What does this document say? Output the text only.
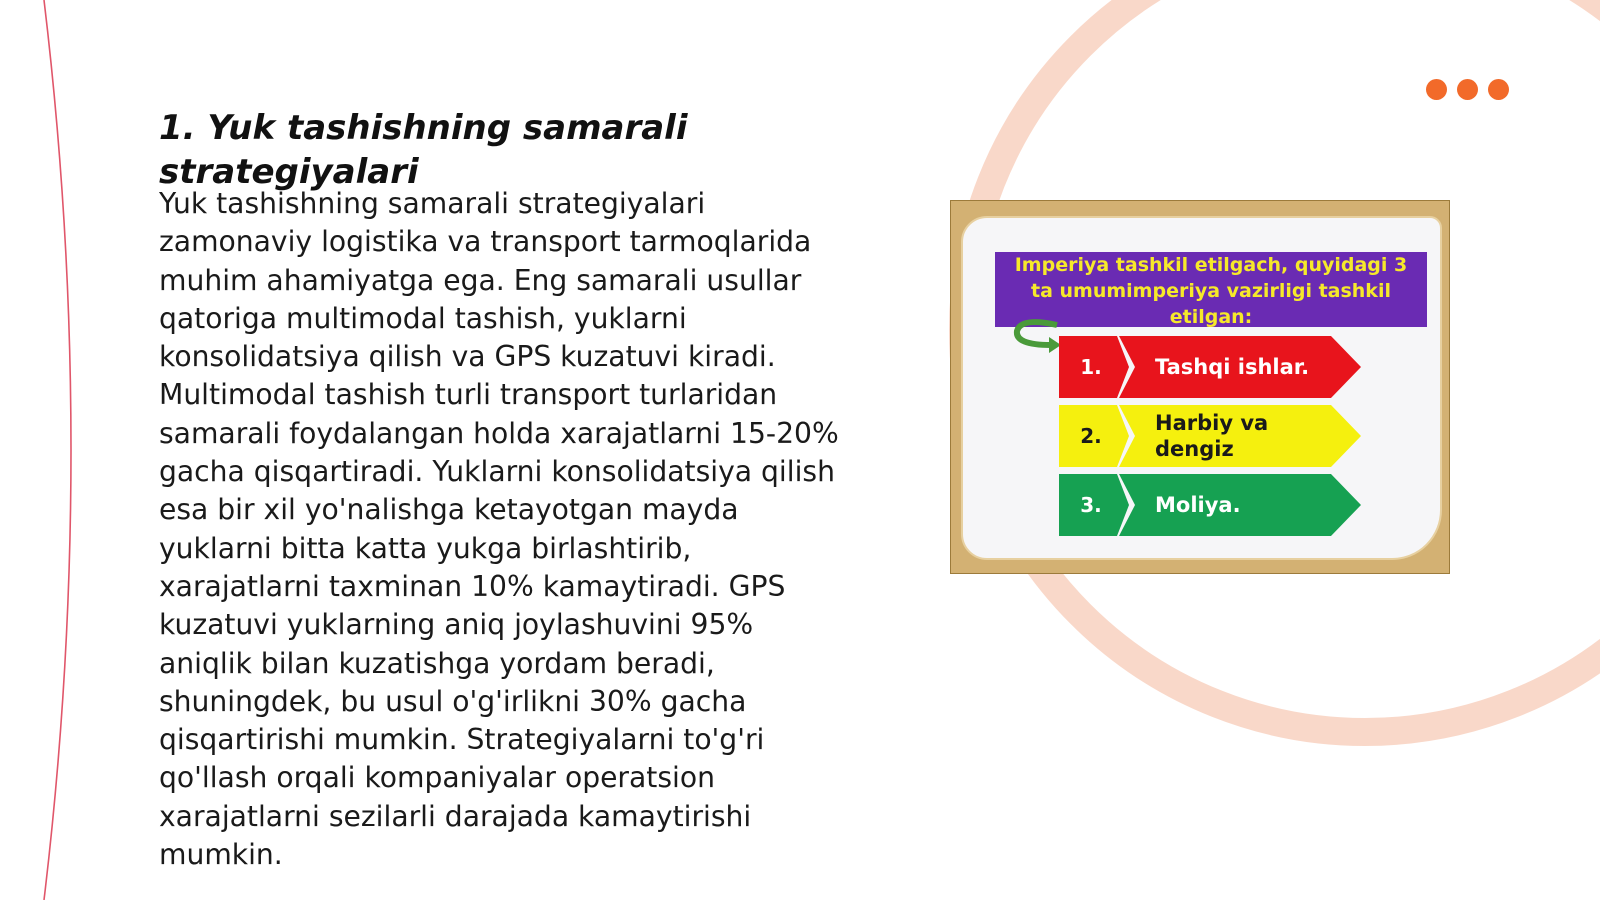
1. Yuk tashishning samarali strategiyalari

Yuk tashishning samarali strategiyalari zamonaviy logistika va transport tarmoqlarida muhim ahamiyatga ega. Eng samarali usullar qatoriga multimodal tashish, yuklarni konsolidatsiya qilish va GPS kuzatuvi kiradi. Multimodal tashish turli transport turlaridan samarali foydalangan holda xarajatlarni 15-20% gacha qisqartiradi. Yuklarni konsolidatsiya qilish esa bir xil yo'nalishga ketayotgan mayda yuklarni bitta katta yukga birlashtirib, xarajatlarni taxminan 10% kamaytiradi. GPS kuzatuvi yuklarning aniq joylashuvini 95% aniqlik bilan kuzatishga yordam beradi, shuningdek, bu usul o'g'irlikni 30% gacha qisqartirishi mumkin. Strategiyalarni to'g'ri qo'llash orqali kompaniyalar operatsion xarajatlarni sezilarli darajada kamaytirishi mumkin.

Imperiya tashkil etilgach, quyidagi 3 ta umumimperiya vazirligi tashkil etilgan:
1.	Tashqi ishlar.
2.
Harbiy va dengiz
3.	Moliya.
